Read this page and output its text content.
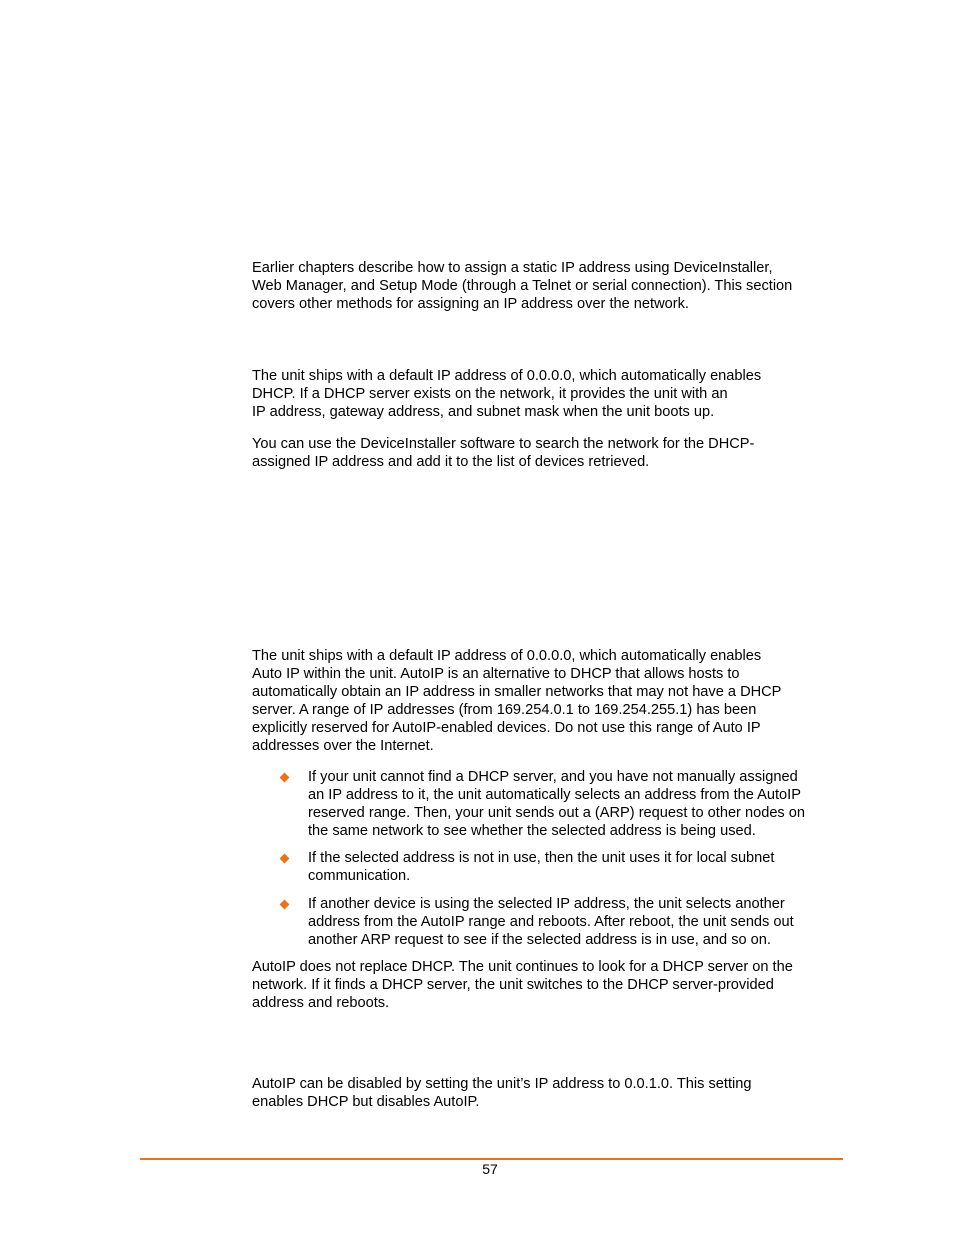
Earlier chapters describe how to assign a static IP address using DeviceInstaller,
Web Manager, and Setup Mode (through a Telnet or serial connection). This section
covers other methods for assigning an IP address over the network.

The unit ships with a default IP address of 0.0.0.0, which automatically enables
DHCP. If a DHCP server exists on the network, it provides the unit with an
IP address, gateway address, and subnet mask when the unit boots up.

You can use the DeviceInstaller software to search the network for the DHCP-
assigned IP address and add it to the list of devices retrieved.

The unit ships with a default IP address of 0.0.0.0, which automatically enables
Auto IP within the unit. AutoIP is an alternative to DHCP that allows hosts to
automatically obtain an IP address in smaller networks that may not have a DHCP
server. A range of IP addresses (from 169.254.0.1 to 169.254.255.1) has been
explicitly reserved for AutoIP-enabled devices. Do not use this range of Auto IP
addresses over the Internet.

If your unit cannot find a DHCP server, and you have not manually assigned
an IP address to it, the unit automatically selects an address from the AutoIP
reserved range. Then, your unit sends out a (ARP) request to other nodes on
the same network to see whether the selected address is being used.
If the selected address is not in use, then the unit uses it for local subnet
communication.
If another device is using the selected IP address, the unit selects another
address from the AutoIP range and reboots. After reboot, the unit sends out
another ARP request to see if the selected address is in use, and so on.

AutoIP does not replace DHCP. The unit continues to look for a DHCP server on the
network. If it finds a DHCP server, the unit switches to the DHCP server-provided
address and reboots.

AutoIP can be disabled by setting the unit’s IP address to 0.0.1.0. This setting
enables DHCP but disables AutoIP.

57
